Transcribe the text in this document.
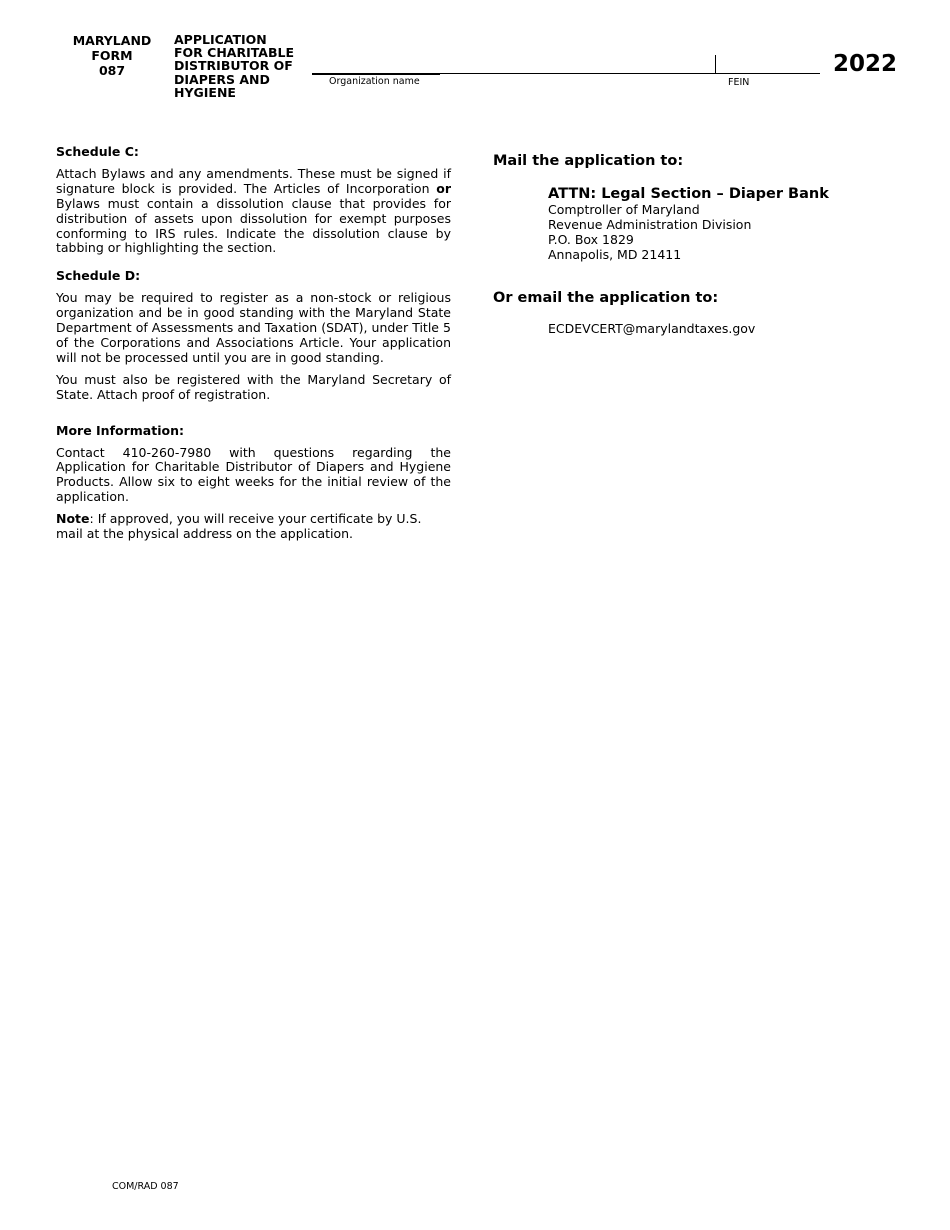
MARYLAND
FORM
087
APPLICATION
FOR CHARITABLE
DISTRIBUTOR OF
DIAPERS AND
HYGIENE
Organization name	FEIN
2022
Schedule C:

Attach Bylaws and any amendments. These must be signed if signature block is provided. The Articles of Incorporation or Bylaws must contain a dissolution clause that provides for distribution of assets upon dissolution for exempt purposes conforming to IRS rules. Indicate the dissolution clause by tabbing or highlighting the section.

Schedule D:

You may be required to register as a non-stock or religious organization and be in good standing with the Maryland State Department of Assessments and Taxation (SDAT), under Title 5 of the Corporations and Associations Article. Your application will not be processed until you are in good standing.

You must also be registered with the Maryland Secretary of State. Attach proof of registration.

More Information:

Contact 410-260-7980 with questions regarding the Application for Charitable Distributor of Diapers and Hygiene Products. Allow six to eight weeks for the initial review of the application.

Note: If approved, you will receive your certificate by U.S. mail at the physical address on the application.

Mail the application to:
ATTN: Legal Section – Diaper Bank
Comptroller of Maryland
Revenue Administration Division
P.O. Box 1829
Annapolis, MD 21411
Or email the application to:
ECDEVCERT@marylandtaxes.gov
COM/RAD 087
